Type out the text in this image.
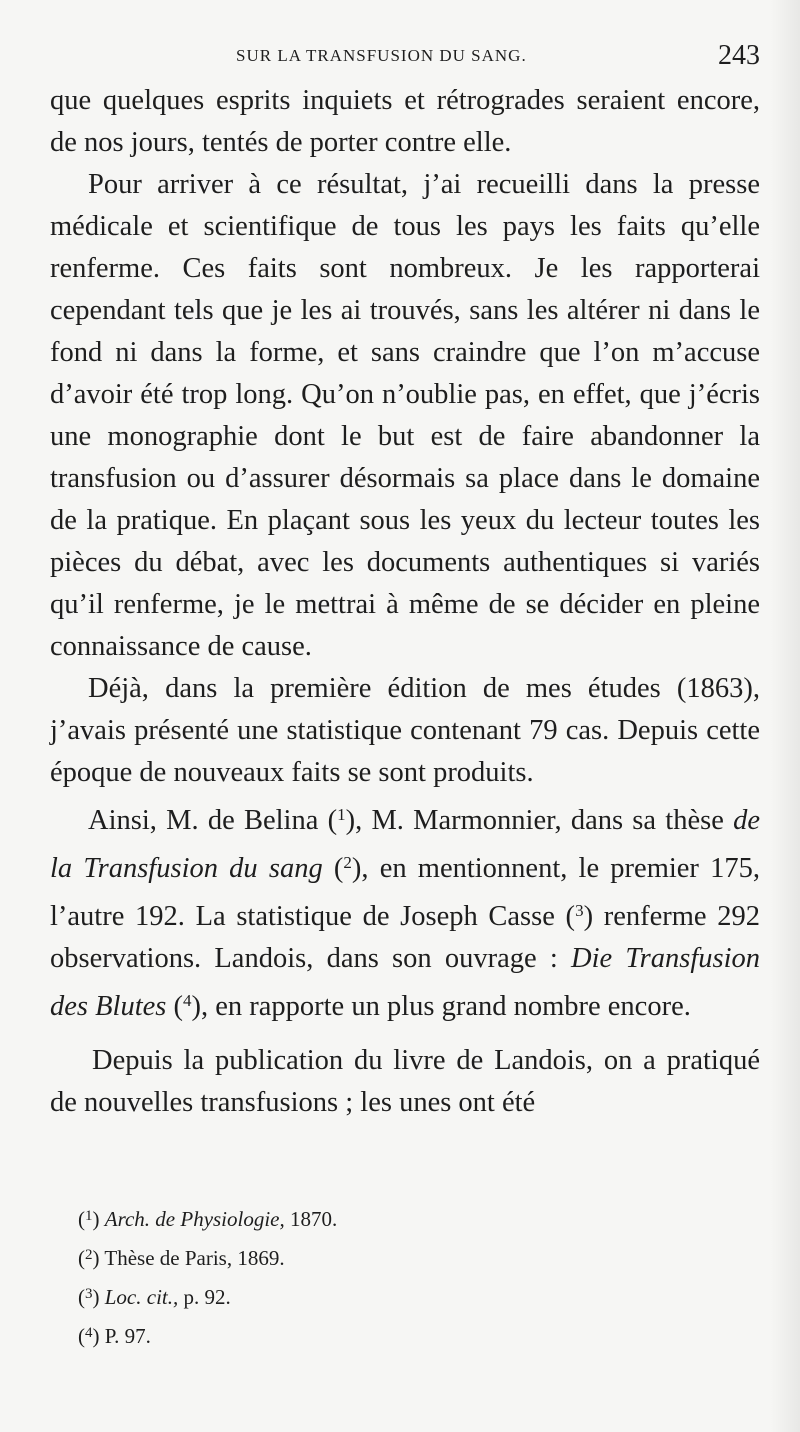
SUR LA TRANSFUSION DU SANG.	243

que quelques esprits inquiets et rétrogrades seraient encore, de nos jours, tentés de porter contre elle.

Pour arriver à ce résultat, j’ai recueilli dans la presse médicale et scientifique de tous les pays les faits qu’elle renferme. Ces faits sont nombreux. Je les rapporterai cependant tels que je les ai trouvés, sans les altérer ni dans le fond ni dans la forme, et sans craindre que l’on m’accuse d’avoir été trop long. Qu’on n’oublie pas, en effet, que j’écris une monographie dont le but est de faire abandonner la transfusion ou d’assurer désormais sa place dans le domaine de la pratique. En plaçant sous les yeux du lecteur toutes les pièces du débat, avec les documents authentiques si variés qu’il renferme, je le mettrai à même de se décider en pleine connaissance de cause.

Déjà, dans la première édition de mes études (1863), j’avais présenté une statistique contenant 79 cas. Depuis cette époque de nouveaux faits se sont produits.

Ainsi, M. de Belina ($^1$), M. Marmonnier, dans sa thèse de la Transfusion du sang ($^2$), en mentionnent, le premier 175, l’autre 192. La statistique de Joseph Casse ($^3$) renferme 292 observations. Landois, dans son ouvrage : Die Transfusion des Blutes ($^4$), en rapporte un plus grand nombre encore.

Depuis la publication du livre de Landois, on a pratiqué de nouvelles transfusions ; les unes ont été

($^1$) Arch. de Physiologie, 1870.

($^2$) Thèse de Paris, 1869.

($^3$) Loc. cit., p. 92.

($^4$) P. 97.
